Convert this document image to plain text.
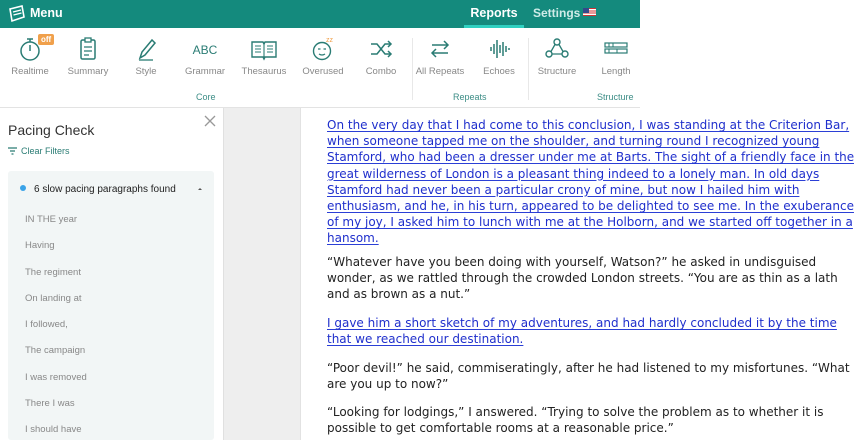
Menu	Reports Settings
off
Realtime	Summary	Style
ABC
Grammar	Thesaurus
zz
Overused	Combo	All Repeats	Echoes	Structure	Length
Core	Repeats	Structure
Pacing Check
Clear Filters
6 slow pacing paragraphs found
IN THE year
Having
The regiment
On landing at
I followed,
The campaign
I was removed
There I was
I should have
On the very day that I had come to this conclusion, I was standing at the Criterion Bar,
when someone tapped me on the shoulder, and turning round I recognized young
Stamford, who had been a dresser under me at Barts. The sight of a friendly face in the
great wilderness of London is a pleasant thing indeed to a lonely man. In old days
Stamford had never been a particular crony of mine, but now I hailed him with
enthusiasm, and he, in his turn, appeared to be delighted to see me. In the exuberance
of my joy, I asked him to lunch with me at the Holborn, and we started off together in a
hansom.
“Whatever have you been doing with yourself, Watson?” he asked in undisguised
wonder, as we rattled through the crowded London streets. “You are as thin as a lath
and as brown as a nut.”
I gave him a short sketch of my adventures, and had hardly concluded it by the time
that we reached our destination.
“Poor devil!” he said, commiseratingly, after he had listened to my misfortunes. “What
are you up to now?”
“Looking for lodgings,” I answered. “Trying to solve the problem as to whether it is
possible to get comfortable rooms at a reasonable price.”
